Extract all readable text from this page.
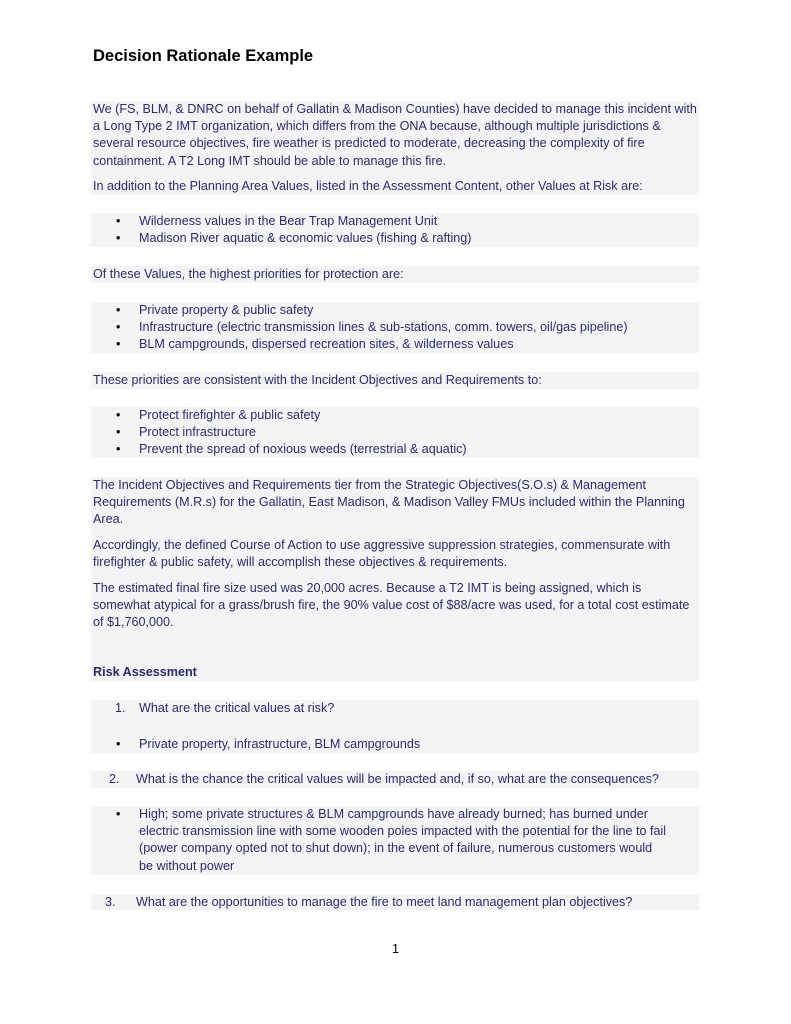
Decision Rationale Example

We (FS, BLM, & DNRC on behalf of Gallatin & Madison Counties) have decided to manage this incident with a Long Type 2 IMT organization, which differs from the ONA because, although multiple jurisdictions & several resource objectives, fire weather is predicted to moderate, decreasing the complexity of fire containment. A T2 Long IMT should be able to manage this fire.

In addition to the Planning Area Values, listed in the Assessment Content, other Values at Risk are:

• Wilderness values in the Bear Trap Management Unit
• Madison River aquatic & economic values (fishing & rafting)

Of these Values, the highest priorities for protection are:

• Private property & public safety
• Infrastructure (electric transmission lines & sub-stations, comm. towers, oil/gas pipeline)
• BLM campgrounds, dispersed recreation sites, & wilderness values

These priorities are consistent with the Incident Objectives and Requirements to:

• Protect firefighter & public safety
• Protect infrastructure
• Prevent the spread of noxious weeds (terrestrial & aquatic)

The Incident Objectives and Requirements tier from the Strategic Objectives(S.O.s) & Management Requirements (M.R.s) for the Gallatin, East Madison, & Madison Valley FMUs included within the Planning Area.

Accordingly, the defined Course of Action to use aggressive suppression strategies, commensurate with firefighter & public safety, will accomplish these objectives & requirements.

The estimated final fire size used was 20,000 acres. Because a T2 IMT is being assigned, which is somewhat atypical for a grass/brush fire, the 90% value cost of $88/acre was used, for a total cost estimate of $1,760,000.

Risk Assessment

1. What are the critical values at risk?
• Private property, infrastructure, BLM campgrounds
2. What is the chance the critical values will be impacted and, if so, what are the consequences?
• High; some private structures & BLM campgrounds have already burned; has burned under electric transmission line with some wooden poles impacted with the potential for the line to fail (power company opted not to shut down); in the event of failure, numerous customers would be without power
3. What are the opportunities to manage the fire to meet land management plan objectives?
1
